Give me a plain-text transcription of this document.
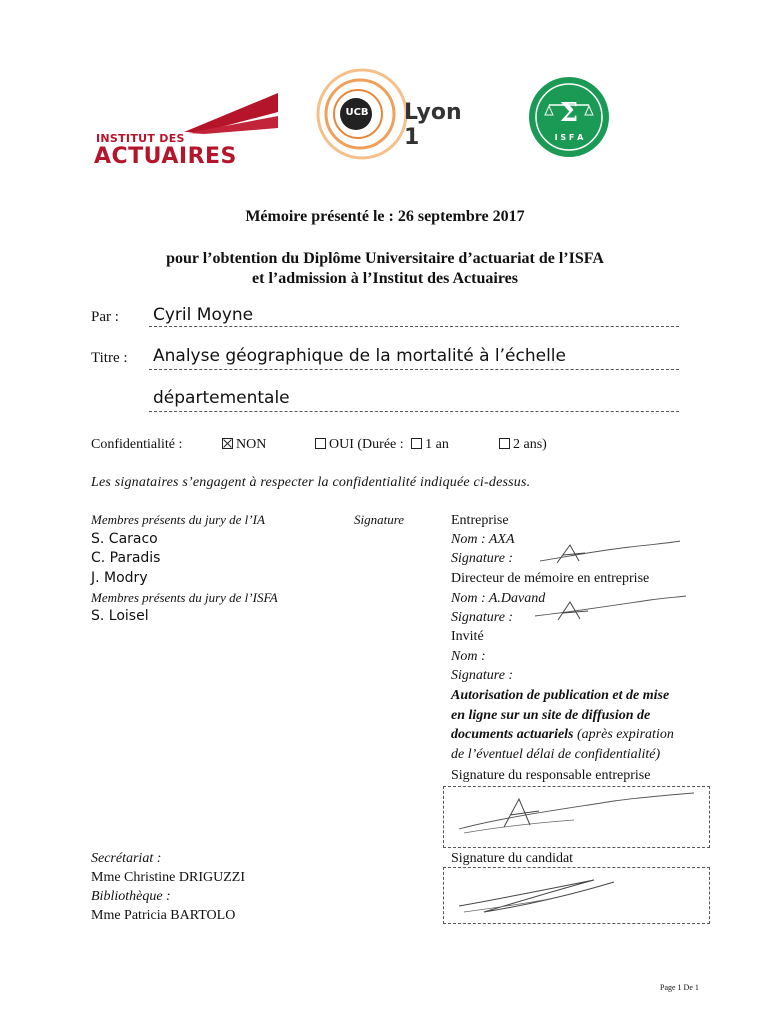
INSTITUT DES
ACTUAIRES
UCB Lyon 1
Σ
I S F A
Mémoire présenté le : 26 septembre 2017
pour l’obtention du Diplôme Universitaire d’actuariat de l’ISFA
et l’admission à l’Institut des Actuaires
Par : Cyril Moyne
Titre : Analyse géographique de la mortalité à l’échelle
départementale
Confidentialité :	NON	OUI (Durée : 1 an	2 ans)
Les signataires s’engagent à respecter la confidentialité indiquée ci-dessus.
Membres présents du jury de l’IA	Signature
S. Caraco
C. Paradis
J. Modry
Membres présents du jury de l’ISFA
S. Loisel
Entreprise
Nom : AXA
Signature :
Directeur de mémoire en entreprise
Nom : A.Davand
Signature :
Invité
Nom :
Signature :
Autorisation de publication et de mise
en ligne sur un site de diffusion de
documents actuariels (après expiration
de l’éventuel délai de confidentialité)
Signature du responsable entreprise
Signature du candidat
Secrétariat :
Mme Christine DRIGUZZI
Bibliothèque :
Mme Patricia BARTOLO
Page 1 De 1
